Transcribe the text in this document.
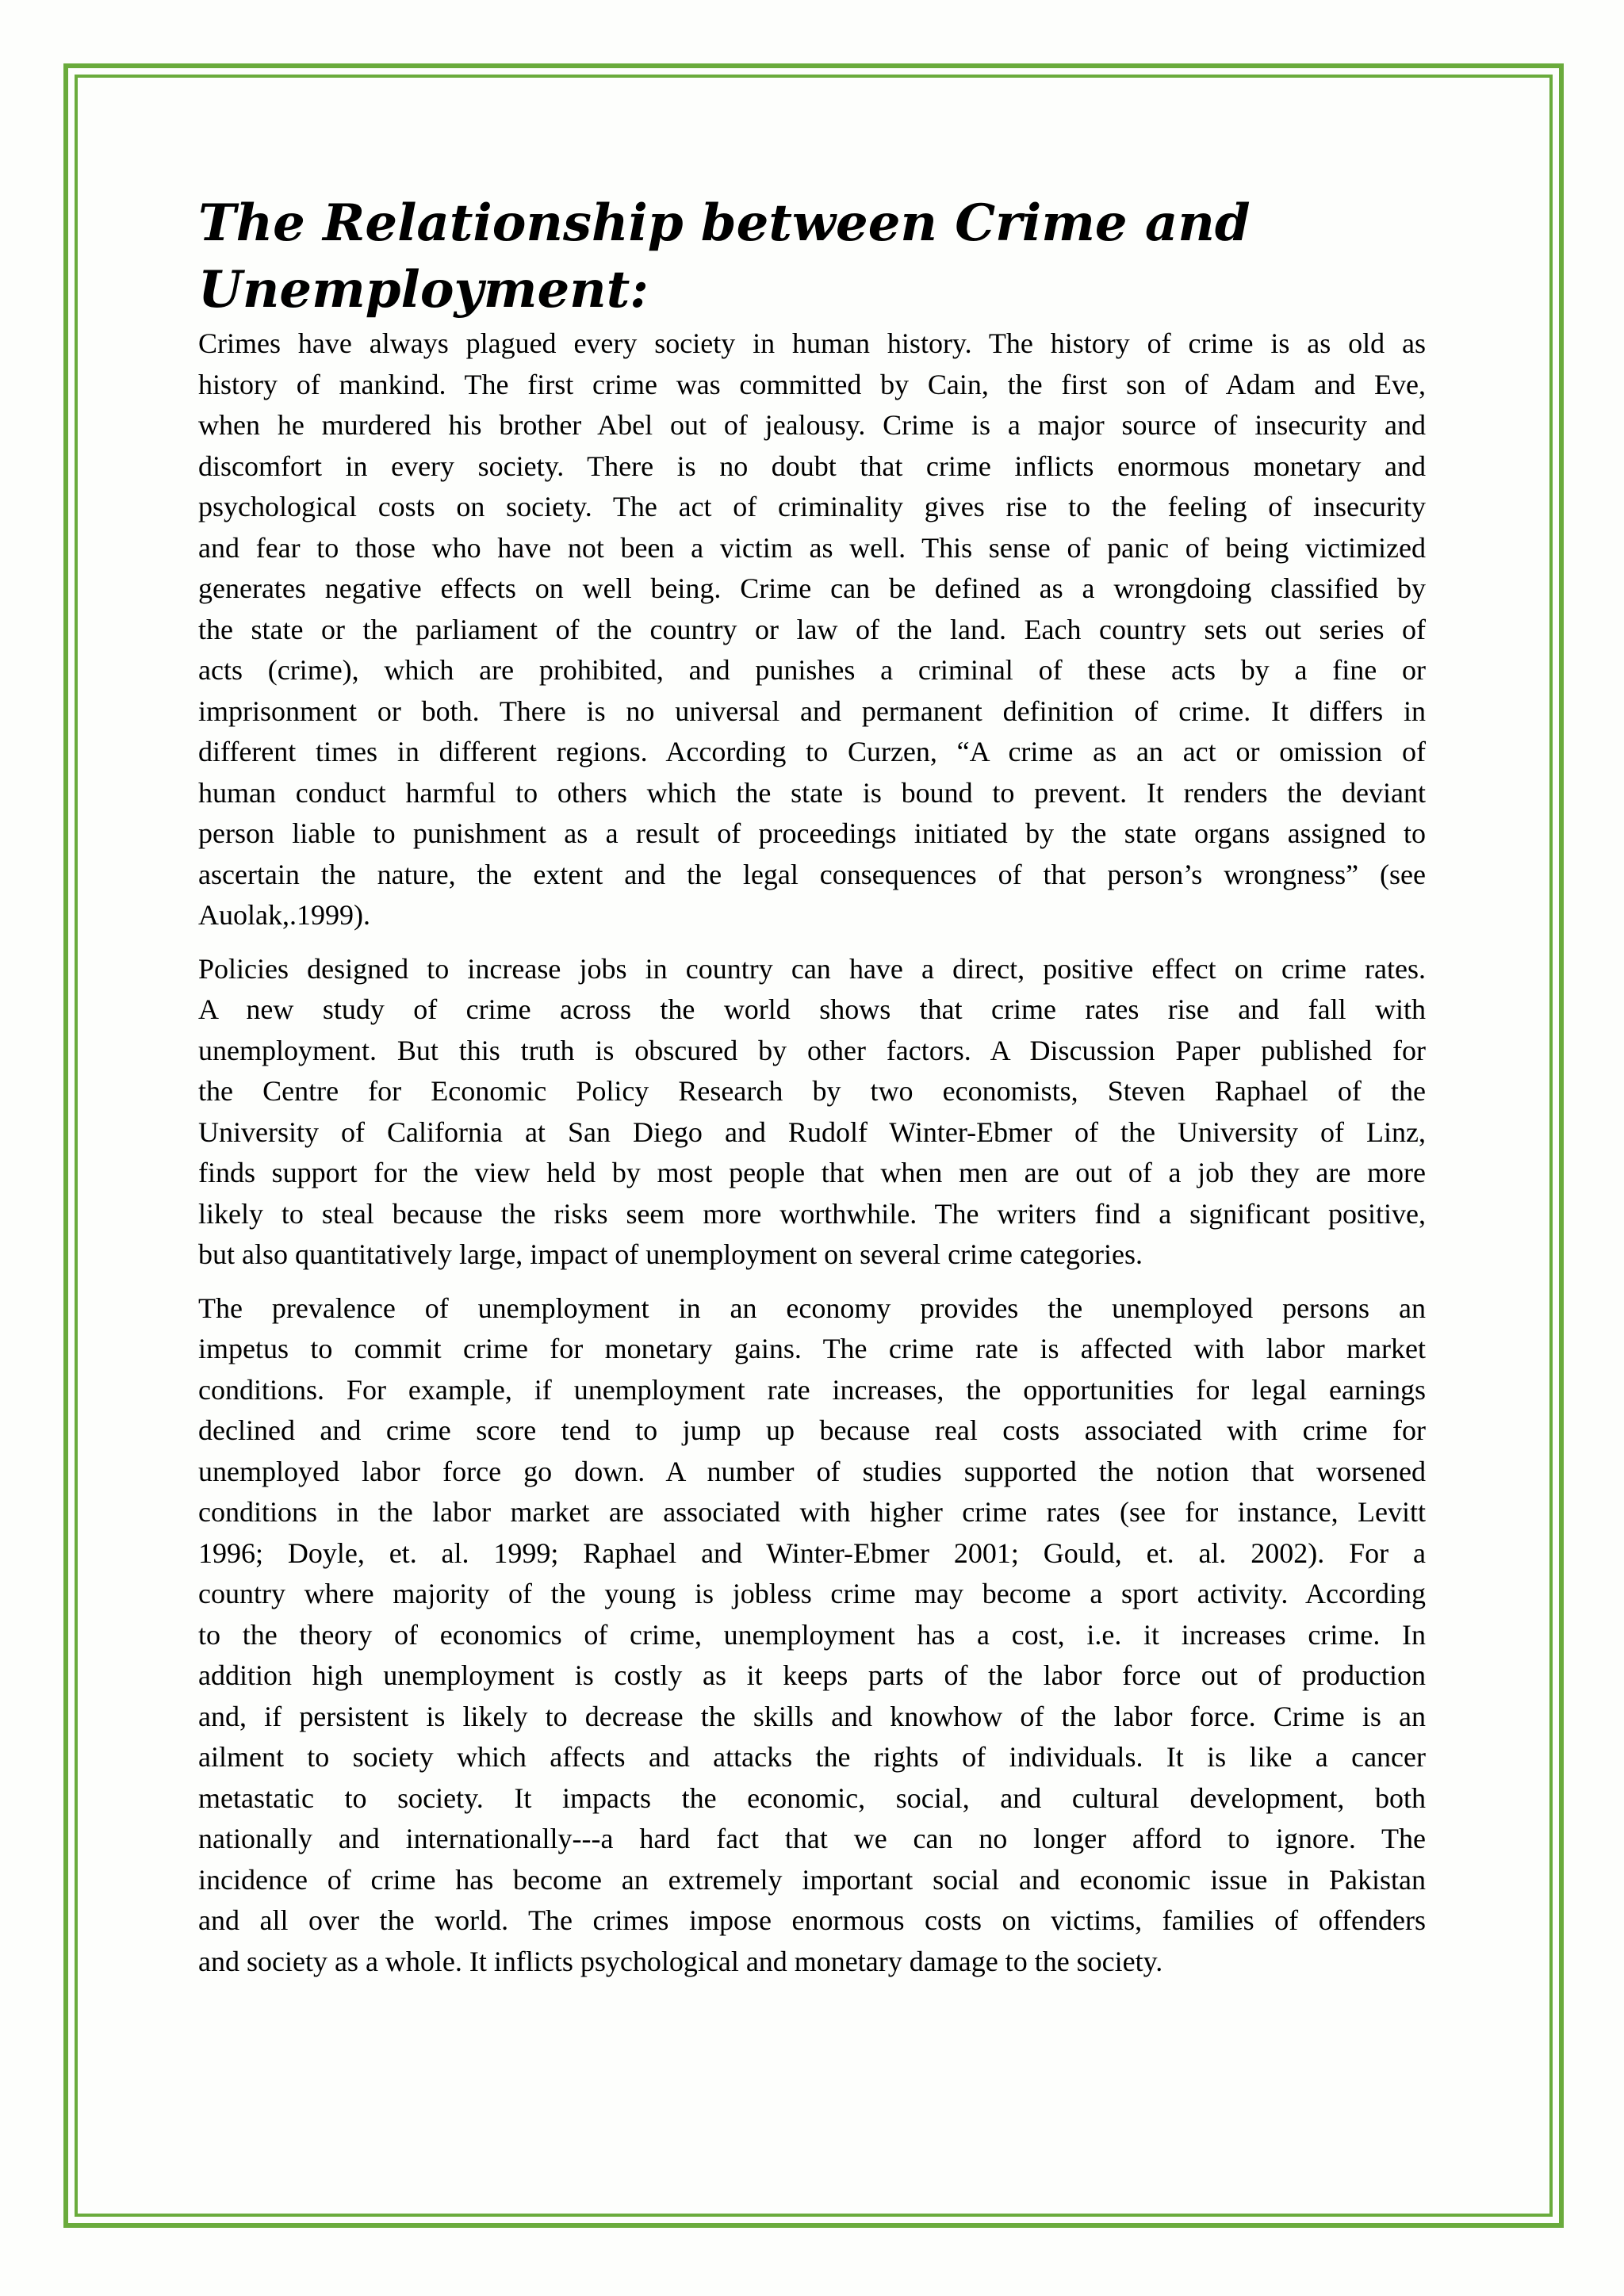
The Relationship between Crime and
Unemployment:
Crimes have always plagued every society in human history. The history of crime is as old as
history of mankind. The first crime was committed by Cain, the first son of Adam and Eve,
when he murdered his brother Abel out of jealousy. Crime is a major source of insecurity and
discomfort in every society. There is no doubt that crime inflicts enormous monetary and
psychological costs on society. The act of criminality gives rise to the feeling of insecurity
and fear to those who have not been a victim as well. This sense of panic of being victimized
generates negative effects on well being. Crime can be defined as a wrongdoing classified by
the state or the parliament of the country or law of the land. Each country sets out series of
acts (crime), which are prohibited, and punishes a criminal of these acts by a fine or
imprisonment or both. There is no universal and permanent definition of crime. It differs in
different times in different regions. According to Curzen, “A crime as an act or omission of
human conduct harmful to others which the state is bound to prevent. It renders the deviant
person liable to punishment as a result of proceedings initiated by the state organs assigned to
ascertain the nature, the extent and the legal consequences of that person’s wrongness” (see
Auolak,.1999).
Policies designed to increase jobs in country can have a direct, positive effect on crime rates.
A new study of crime across the world shows that crime rates rise and fall with
unemployment. But this truth is obscured by other factors. A Discussion Paper published for
the Centre for Economic Policy Research by two economists, Steven Raphael of the
University of California at San Diego and Rudolf Winter-Ebmer of the University of Linz,
finds support for the view held by most people that when men are out of a job they are more
likely to steal because the risks seem more worthwhile. The writers find a significant positive,
but also quantitatively large, impact of unemployment on several crime categories.
The prevalence of unemployment in an economy provides the unemployed persons an
impetus to commit crime for monetary gains. The crime rate is affected with labor market
conditions. For example, if unemployment rate increases, the opportunities for legal earnings
declined and crime score tend to jump up because real costs associated with crime for
unemployed labor force go down. A number of studies supported the notion that worsened
conditions in the labor market are associated with higher crime rates (see for instance, Levitt
1996; Doyle, et. al. 1999; Raphael and Winter-Ebmer 2001; Gould, et. al. 2002). For a
country where majority of the young is jobless crime may become a sport activity. According
to the theory of economics of crime, unemployment has a cost, i.e. it increases crime. In
addition high unemployment is costly as it keeps parts of the labor force out of production
and, if persistent is likely to decrease the skills and knowhow of the labor force. Crime is an
ailment to society which affects and attacks the rights of individuals. It is like a cancer
metastatic to society. It impacts the economic, social, and cultural development, both
nationally and internationally---a hard fact that we can no longer afford to ignore. The
incidence of crime has become an extremely important social and economic issue in Pakistan
and all over the world. The crimes impose enormous costs on victims, families of offenders
and society as a whole. It inflicts psychological and monetary damage to the society.
